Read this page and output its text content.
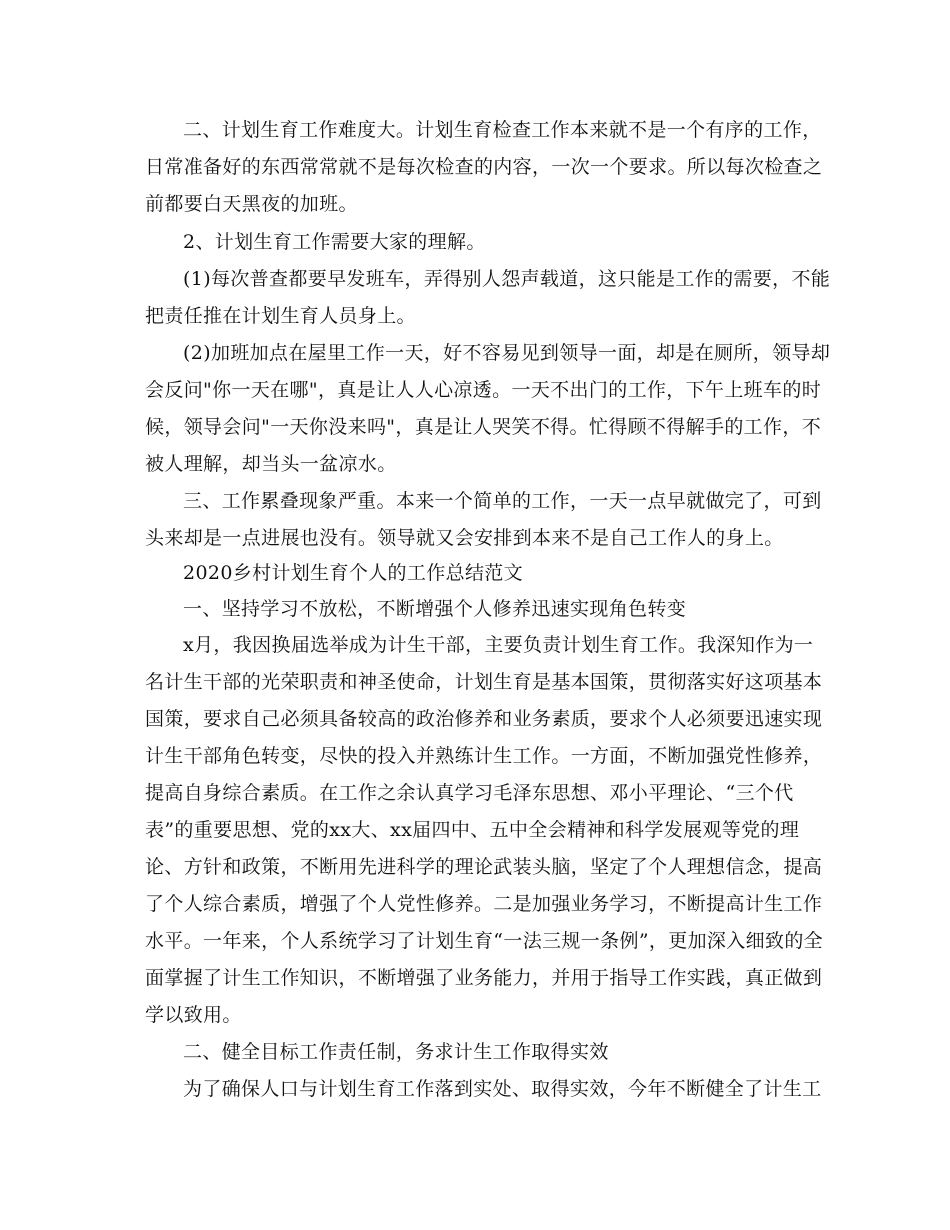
二、计划生育工作难度大。计划生育检查工作本来就不是一个有序的工作，
日常准备好的东西常常就不是每次检查的内容，一次一个要求。所以每次检查之
前都要白天黑夜的加班。
2、计划生育工作需要大家的理解。
(1)每次普查都要早发班车，弄得别人怨声载道，这只能是工作的需要，不能
把责任推在计划生育人员身上。
(2)加班加点在屋里工作一天，好不容易见到领导一面，却是在厕所，领导却
会反问"你一天在哪"，真是让人人心凉透。一天不出门的工作，下午上班车的时
候，领导会问"一天你没来吗"，真是让人哭笑不得。忙得顾不得解手的工作，不
被人理解，却当头一盆凉水。
三、工作累叠现象严重。本来一个简单的工作，一天一点早就做完了，可到
头来却是一点进展也没有。领导就又会安排到本来不是自己工作人的身上。
2020乡村计划生育个人的工作总结范文
一、坚持学习不放松，不断增强个人修养迅速实现角色转变
x月，我因换届选举成为计生干部，主要负责计划生育工作。我深知作为一
名计生干部的光荣职责和神圣使命，计划生育是基本国策，贯彻落实好这项基本
国策，要求自己必须具备较高的政治修养和业务素质，要求个人必须要迅速实现
计生干部角色转变，尽快的投入并熟练计生工作。一方面，不断加强党性修养，
提高自身综合素质。在工作之余认真学习毛泽东思想、邓小平理论、“三个代
表”的重要思想、党的xx大、xx届四中、五中全会精神和科学发展观等党的理
论、方针和政策，不断用先进科学的理论武装头脑，坚定了个人理想信念，提高
了个人综合素质，增强了个人党性修养。二是加强业务学习，不断提高计生工作
水平。一年来，个人系统学习了计划生育“一法三规一条例”，更加深入细致的全
面掌握了计生工作知识，不断增强了业务能力，并用于指导工作实践，真正做到
学以致用。
二、健全目标工作责任制，务求计生工作取得实效
为了确保人口与计划生育工作落到实处、取得实效，今年不断健全了计生工
